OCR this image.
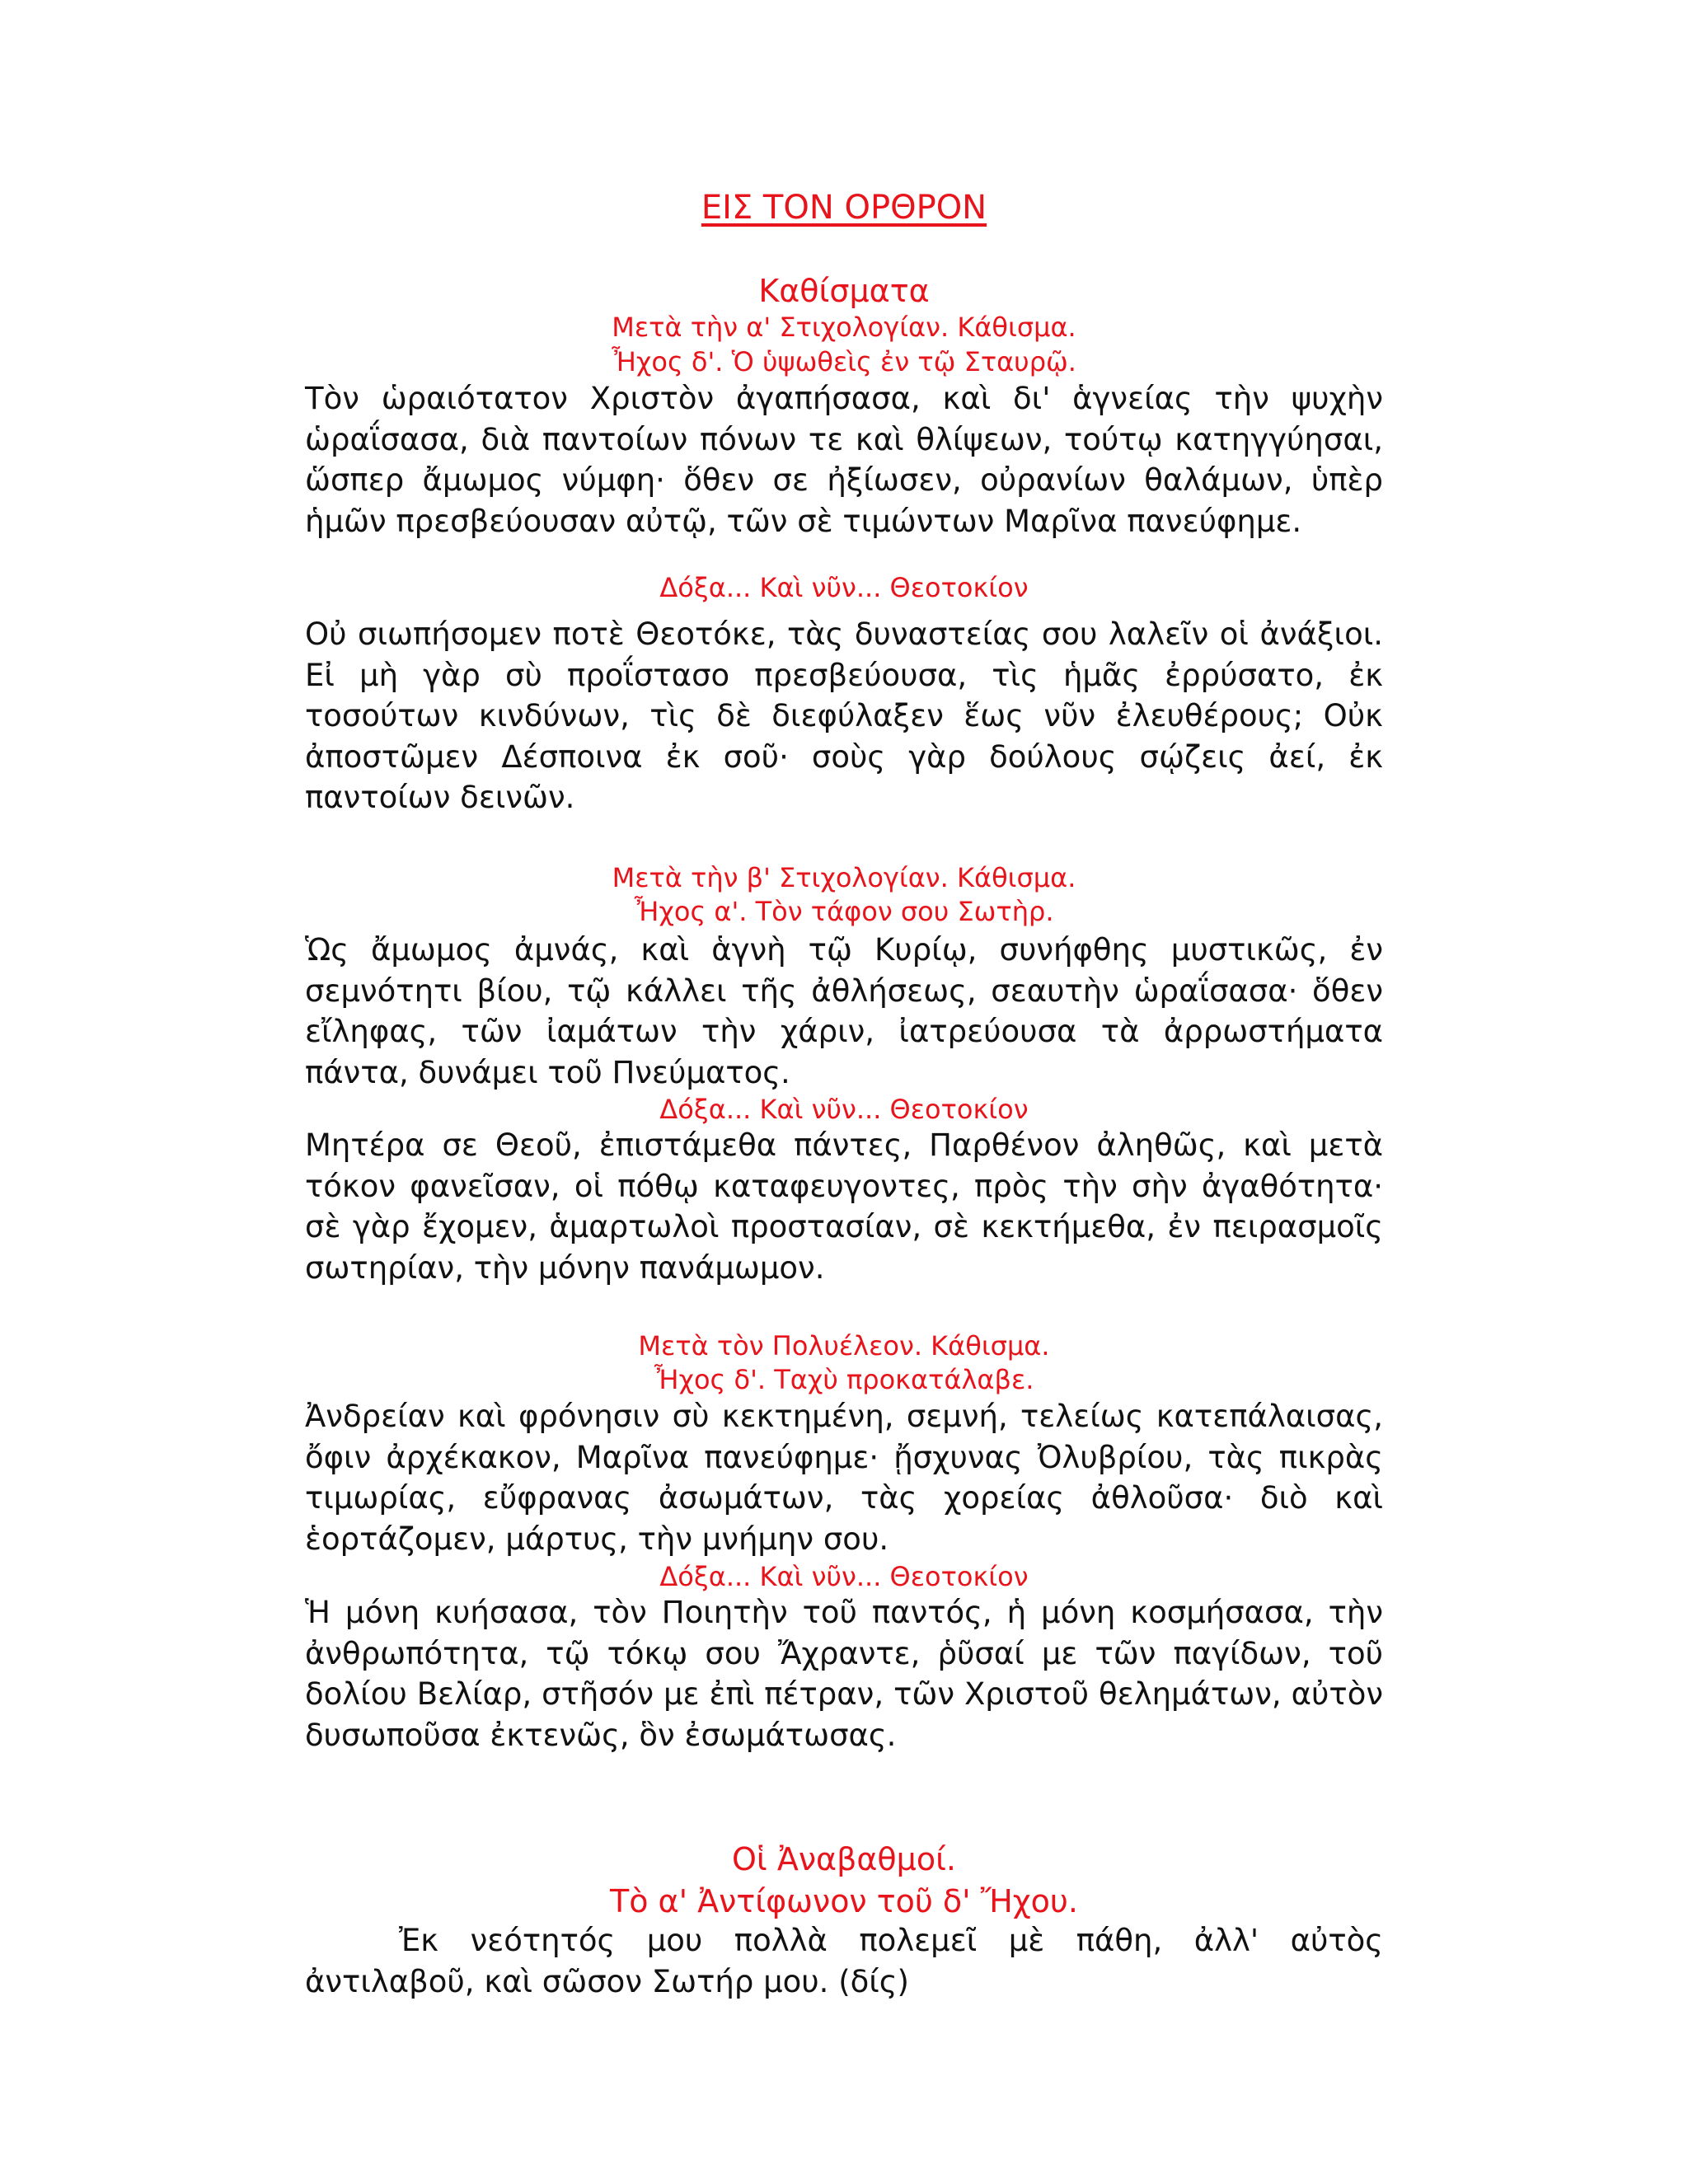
ΕΙΣ ΤΟΝ ΟΡΘΡΟΝ
Καθίσματα
Μετὰ τὴν α' Στιχολογίαν. Κάθισμα.
Ἦχος δ'. Ὁ ὑψωθεὶς ἐν τῷ Σταυρῷ.
Τὸν ὡραιότατον Χριστὸν ἀγαπήσασα, καὶ δι' ἁγνείας τὴν ψυχὴν ὡραΐσασα, διὰ παντοίων πόνων τε καὶ θλίψεων, τούτῳ κατηγγύησαι, ὥσπερ ἄμωμος νύμφη· ὅθεν σε ἠξίωσεν, οὐρανίων θαλάμων, ὑπὲρ ἡμῶν πρεσβεύουσαν αὐτῷ, τῶν σὲ τιμώντων Μαρῖνα πανεύφημε.
Δόξα... Καὶ νῦν... Θεοτοκίον
Οὐ σιωπήσομεν ποτὲ Θεοτόκε, τὰς δυναστείας σου λαλεῖν οἱ ἀνάξιοι. Εἰ μὴ γὰρ σὺ προΐστασο πρεσβεύουσα, τὶς ἡμᾶς ἐρρύσατο, ἐκ τοσούτων κινδύνων, τὶς δὲ διεφύλαξεν ἕως νῦν ἐλευθέρους; Οὐκ ἀποστῶμεν Δέσποινα ἐκ σοῦ· σοὺς γὰρ δούλους σῴζεις ἀεί, ἐκ παντοίων δεινῶν.
Μετὰ τὴν β' Στιχολογίαν. Κάθισμα.
Ἦχος α'. Τὸν τάφον σου Σωτὴρ.
Ὡς ἄμωμος ἀμνάς, καὶ ἁγνὴ τῷ Κυρίῳ, συνήφθης μυστικῶς, ἐν σεμνότητι βίου, τῷ κάλλει τῆς ἀθλήσεως, σεαυτὴν ὡραΐσασα· ὅθεν εἴληφας, τῶν ἰαμάτων τὴν χάριν, ἰατρεύουσα τὰ ἀρρωστήματα πάντα, δυνάμει τοῦ Πνεύματος.
Δόξα... Καὶ νῦν... Θεοτοκίον
Μητέρα σε Θεοῦ, ἐπιστάμεθα πάντες, Παρθένον ἀληθῶς, καὶ μετὰ τόκον φανεῖσαν, οἱ πόθῳ καταφευγοντες, πρὸς τὴν σὴν ἀγαθότητα· σὲ γὰρ ἔχομεν, ἁμαρτωλοὶ προστασίαν, σὲ κεκτήμεθα, ἐν πειρασμοῖς σωτηρίαν, τὴν μόνην πανάμωμον.
Μετὰ τὸν Πολυέλεον. Κάθισμα.
Ἦχος δ'. Ταχὺ προκατάλαβε.
Ἀνδρείαν καὶ φρόνησιν σὺ κεκτημένη, σεμνή, τελείως κατεπάλαισας, ὄφιν ἀρχέκακον, Μαρῖνα πανεύφημε· ᾔσχυνας Ὀλυβρίου, τὰς πικρὰς τιμωρίας, εὔφρανας ἀσωμάτων, τὰς χορείας ἀθλοῦσα· διὸ καὶ ἑορτάζομεν, μάρτυς, τὴν μνήμην σου.
Δόξα... Καὶ νῦν... Θεοτοκίον
Ἡ μόνη κυήσασα, τὸν Ποιητὴν τοῦ παντός, ἡ μόνη κοσμήσασα, τὴν ἀνθρωπότητα, τῷ τόκῳ σου Ἄχραντε, ῥῦσαί με τῶν παγίδων, τοῦ δολίου Βελίαρ, στῆσόν με ἐπὶ πέτραν, τῶν Χριστοῦ θελημάτων, αὐτὸν δυσωποῦσα ἐκτενῶς, ὃν ἐσωμάτωσας.
Οἱ Ἀναβαθμοί.
Τὸ α' Ἀντίφωνον τοῦ δ' Ἤχου.
Ἐκ νεότητός μου πολλὰ πολεμεῖ μὲ πάθη, ἀλλ' αὐτὸς ἀντιλαβοῦ, καὶ σῶσον Σωτήρ μου. (δίς)
